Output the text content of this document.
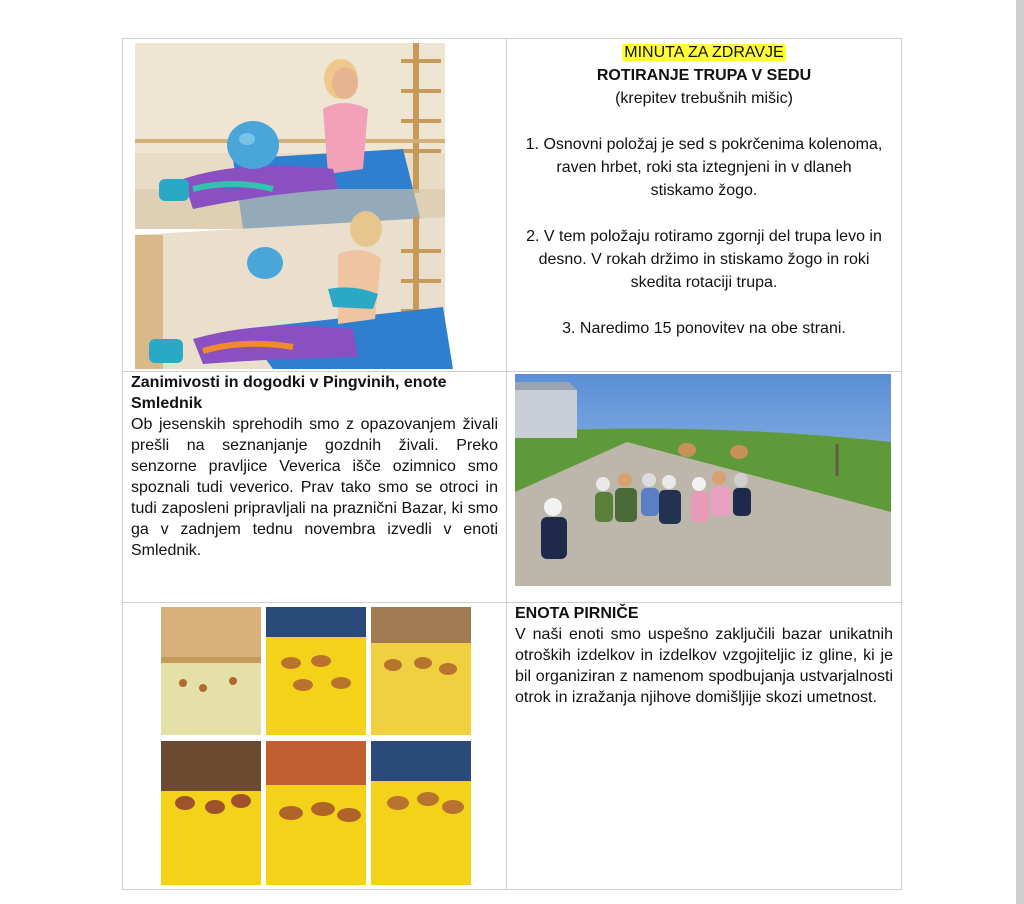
MINUTA ZA ZDRAVJE
ROTIRANJE TRUPA V SEDU
(krepitev trebušnih mišic)
1. Osnovni položaj je sed s pokrčenima kolenoma, raven hrbet, roki sta iztegnjeni in v dlaneh stiskamo žogo.
2. V tem položaju rotiramo zgornji del trupa levo in desno. V rokah držimo in stiskamo žogo in roki skedita rotaciji trupa.
3. Naredimo 15 ponovitev na obe strani.
Zanimivosti in dogodki v Pingvinih, enote Smlednik
Ob jesenskih sprehodih smo z opazovanjem živali prešli na seznanjanje gozdnih živali. Preko senzorne pravljice Veverica išče ozimnico smo spoznali tudi veverico. Prav tako smo se otroci in tudi zaposleni pripravljali na praznični Bazar, ki smo ga v zadnjem tednu novembra izvedli v enoti Smlednik.
ENOTA PIRNIČE
V naši enoti smo uspešno zaključili bazar unikatnih otroških izdelkov in izdelkov vzgojiteljic iz gline, ki je bil organiziran z namenom spodbujanja ustvarjalnosti otrok in izražanja njihove domišljije skozi umetnost.
